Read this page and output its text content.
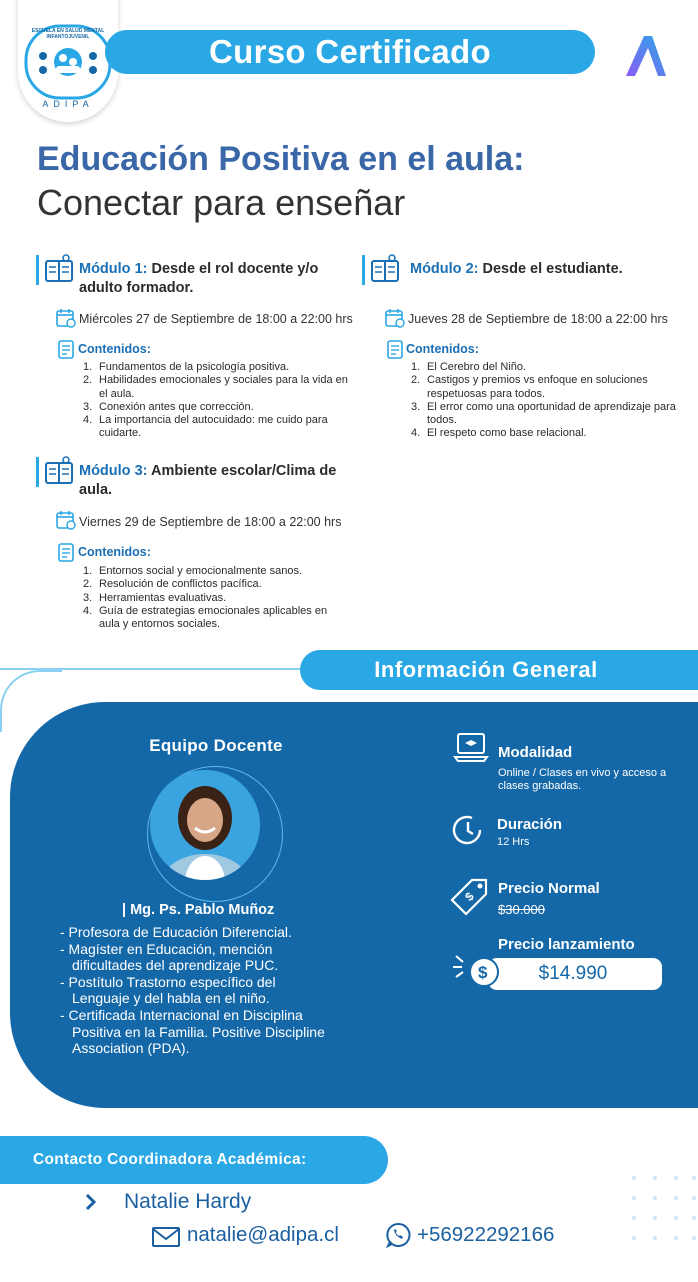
ESCUELA EN SALUD MENTAL
INFANTOJUVENIL
ADIPA
Curso Certificado
Educación Positiva en el aula:
Conectar para enseñar
Módulo 1: Desde el rol docente y/o adulto formador.
Miércoles 27 de Septiembre de 18:00 a 22:00 hrs
Contenidos:
1. Fundamentos de la psicología positiva.
2. Habilidades emocionales y sociales para la vida en el aula.
3. Conexión antes que corrección.
4. La importancia del autocuidado: me cuido para cuidarte.
Módulo 2: Desde el estudiante.
Jueves 28 de Septiembre de 18:00 a 22:00 hrs
Contenidos:
1. El Cerebro del Niño.
2. Castigos y premios vs enfoque en soluciones respetuosas para todos.
3. El error como una oportunidad de aprendizaje para todos.
4. El respeto como base relacional.
Módulo 3: Ambiente escolar/Clima de aula.
Viernes 29 de Septiembre de 18:00 a 22:00 hrs
Contenidos:
1. Entornos social y emocionalmente sanos.
2. Resolución de conflictos pacífica.
3. Herramientas evaluativas.
4. Guía de estrategias emocionales aplicables en aula y entornos sociales.
Información General
Equipo Docente
| Mg. Ps. Pablo Muñoz
- Profesora de Educación Diferencial.
- Magíster en Educación, mención dificultades del aprendizaje PUC.
- Postítulo Trastorno específico del Lenguaje y del habla en el niño.
- Certificada Internacional en Disciplina Positiva en la Familia. Positive Discipline Association (PDA).
Modalidad
Online / Clases en vivo y acceso a clases grabadas.
Duración
12 Hrs
$ Precio Normal
$30.000
Precio lanzamiento
$	$14.990
Contacto Coordinadora Académica:
Natalie Hardy
natalie@adipa.cl	+56922292166
